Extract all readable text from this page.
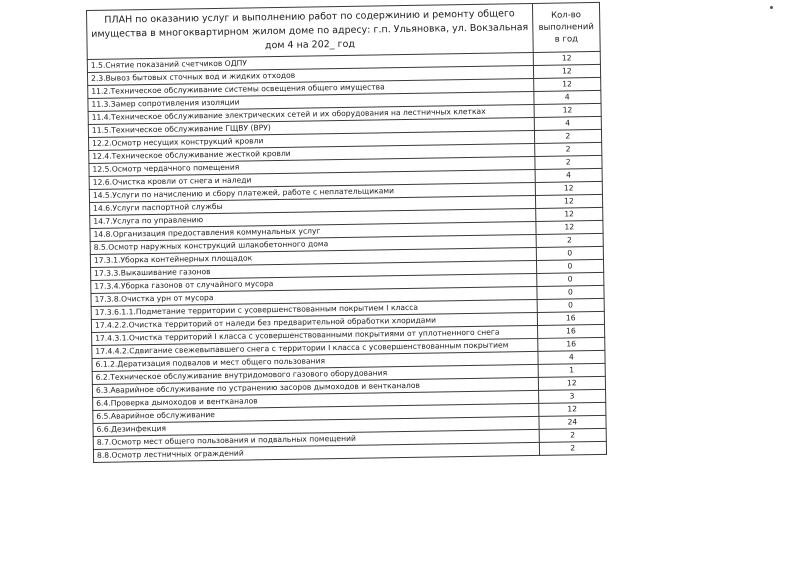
ПЛАН по оказанию услуг и выполнению работ по содержинию и ремонту общего имущества в многоквартирном жилом доме по адресу: г.п. Ульяновка, ул. Вокзальная дом 4 на 202_ год	Кол-во выполнений в год
1.5.Снятие показаний счетчиков ОДПУ	12
2.3.Вывоз бытовых сточных вод и жидких отходов	12
11.2.Техническое обслуживание системы освещения общего имущества	12
11.3.Замер сопротивления изоляции	4
11.4.Техническое обслуживание электрических сетей и их оборудования на лестничных клетках	12
11.5.Техническое обслуживание ГЩВУ (ВРУ)	4
12.2.Осмотр несущих конструкций кровли	2
12.4.Техническое обслуживание жесткой кровли	2
12.5.Осмотр чердачного помещения	2
12.6.Очистка кровли от снега и наледи	4
14.5.Услуги по начислению и сбору платежей, работе с неплательщиками	12
14.6.Услуги паспортной службы	12
14.7.Услуга по управлению	12
14.8.Организация предоставления коммунальных услуг	12
8.5.Осмотр наружных конструкций шлакобетонного дома	2
17.3.1.Уборка контейнерных площадок	0
17.3.3.Выкашивание газонов	0
17.3.4.Уборка газонов от случайного мусора	0
17.3.8.Очистка урн от мусора	0
17.3.6.1.1.Подметание территории с усовершенствованным покрытием I класса	0
17.4.2.2.Очистка территорий от наледи без предварительной обработки хлоридами	16
17.4.3.1.Очистка территорий I класса с усовершенствованными покрытиями от уплотненного снега	16
17.4.4.2.Сдвигание свежевыпавшего снега с территории I класса с усовершенствованным покрытием	16
6.1.2.Дератизация подвалов и мест общего пользования	4
6.2.Техническое обслуживание внутридомового газового оборудования	1
6.3.Аварийное обслуживание по устранению засоров дымоходов и вентканалов	12
6.4.Проверка дымоходов и вентканалов	3
6.5.Аварийное обслуживание	12
6.6.Дезинфекция	24
8.7.Осмотр мест общего пользования и подвальных помещений	2
8.8.Осмотр лестничных ограждений	2
